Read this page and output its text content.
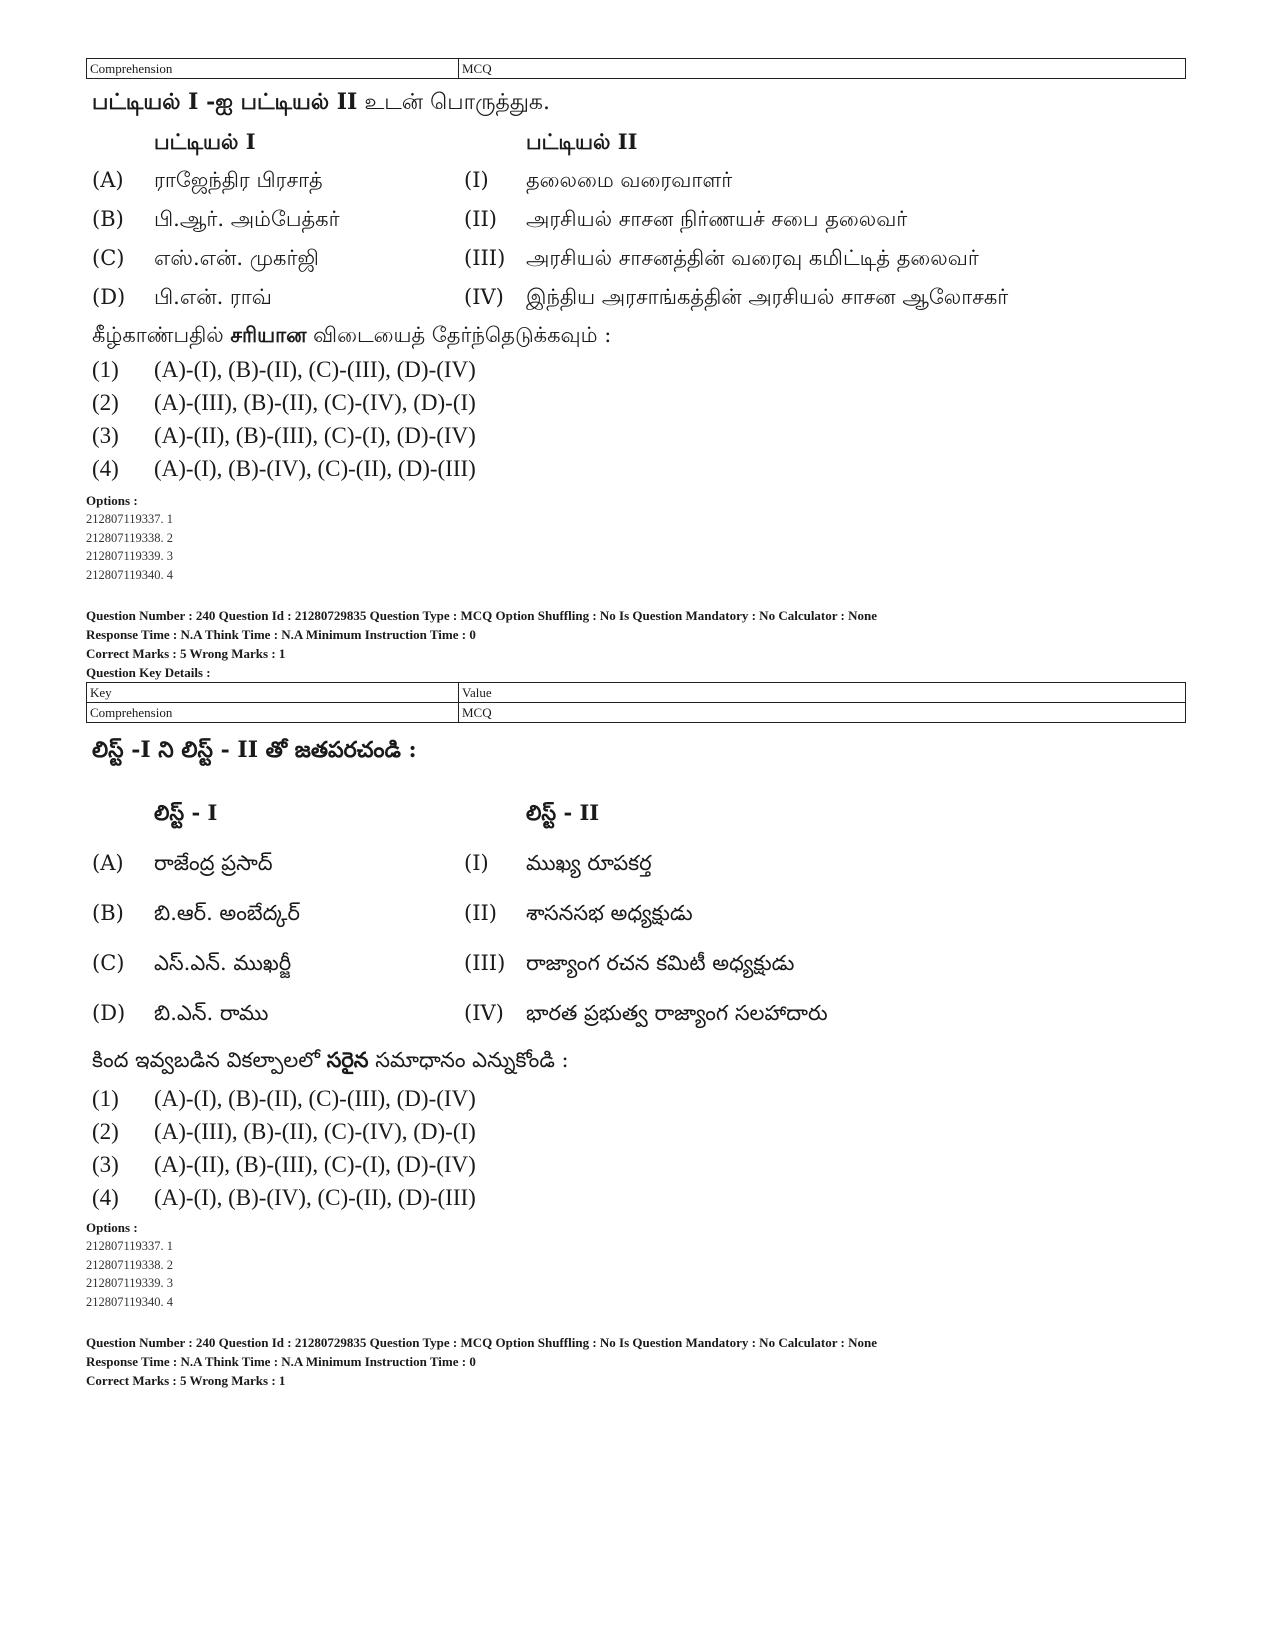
Comprehension	MCQ
பட்டியல் I -ஐ பட்டியல் II உடன் பொருத்துக.
பட்டியல் I	பட்டியல் II
(A)	ராஜேந்திர பிரசாத்	(I)	தலைமை வரைவாளர்
(B)	பி.ஆர். அம்பேத்கர்	(II)	அரசியல் சாசன நிர்ணயச் சபை தலைவர்
(C)	எஸ்.என். முகர்ஜி	(III) அரசியல் சாசனத்தின் வரைவு கமிட்டித் தலைவர்
(D)	பி.என். ராவ்	(IV)	இந்திய அரசாங்கத்தின் அரசியல் சாசன ஆலோசகர்
கீழ்காண்பதில் சரியான விடையைத் தேர்ந்தெடுக்கவும் :
(1)	(A)-(I), (B)-(II), (C)-(III), (D)-(IV)
(2)	(A)-(III), (B)-(II), (C)-(IV), (D)-(I)
(3)	(A)-(II), (B)-(III), (C)-(I), (D)-(IV)
(4)	(A)-(I), (B)-(IV), (C)-(II), (D)-(III)
Options :
212807119337. 1
212807119338. 2
212807119339. 3
212807119340. 4
Question Number : 240 Question Id : 21280729835 Question Type : MCQ Option Shuffling : No Is Question Mandatory : No Calculator : None
Response Time : N.A Think Time : N.A Minimum Instruction Time : 0
Correct Marks : 5 Wrong Marks : 1
Question Key Details :
Key	Value
Comprehension	MCQ
లిస్ట్ -I ని లిస్ట్ - II తో జతపరచండి :
లిస్ట్ - I	లిస్ట్ - II
(A)	రాజేంద్ర ప్రసాద్	(I)	ముఖ్య రూపకర్త
(B)	బి.ఆర్. అంబేద్కర్	(II)	శాసనసభ అధ్యక్షుడు
(C)	ఎస్.ఎన్. ముఖర్జీ	(III) రాజ్యాంగ రచన కమిటీ అధ్యక్షుడు
(D)	బి.ఎన్. రాము	(IV)	భారత ప్రభుత్వ రాజ్యాంగ సలహాదారు
కింద ఇవ్వబడిన వికల్పాలలో సరైన సమాధానం ఎన్నుకోండి :
(1)	(A)-(I), (B)-(II), (C)-(III), (D)-(IV)
(2)	(A)-(III), (B)-(II), (C)-(IV), (D)-(I)
(3)	(A)-(II), (B)-(III), (C)-(I), (D)-(IV)
(4)	(A)-(I), (B)-(IV), (C)-(II), (D)-(III)
Options :
212807119337. 1
212807119338. 2
212807119339. 3
212807119340. 4
Question Number : 240 Question Id : 21280729835 Question Type : MCQ Option Shuffling : No Is Question Mandatory : No Calculator : None
Response Time : N.A Think Time : N.A Minimum Instruction Time : 0
Correct Marks : 5 Wrong Marks : 1
